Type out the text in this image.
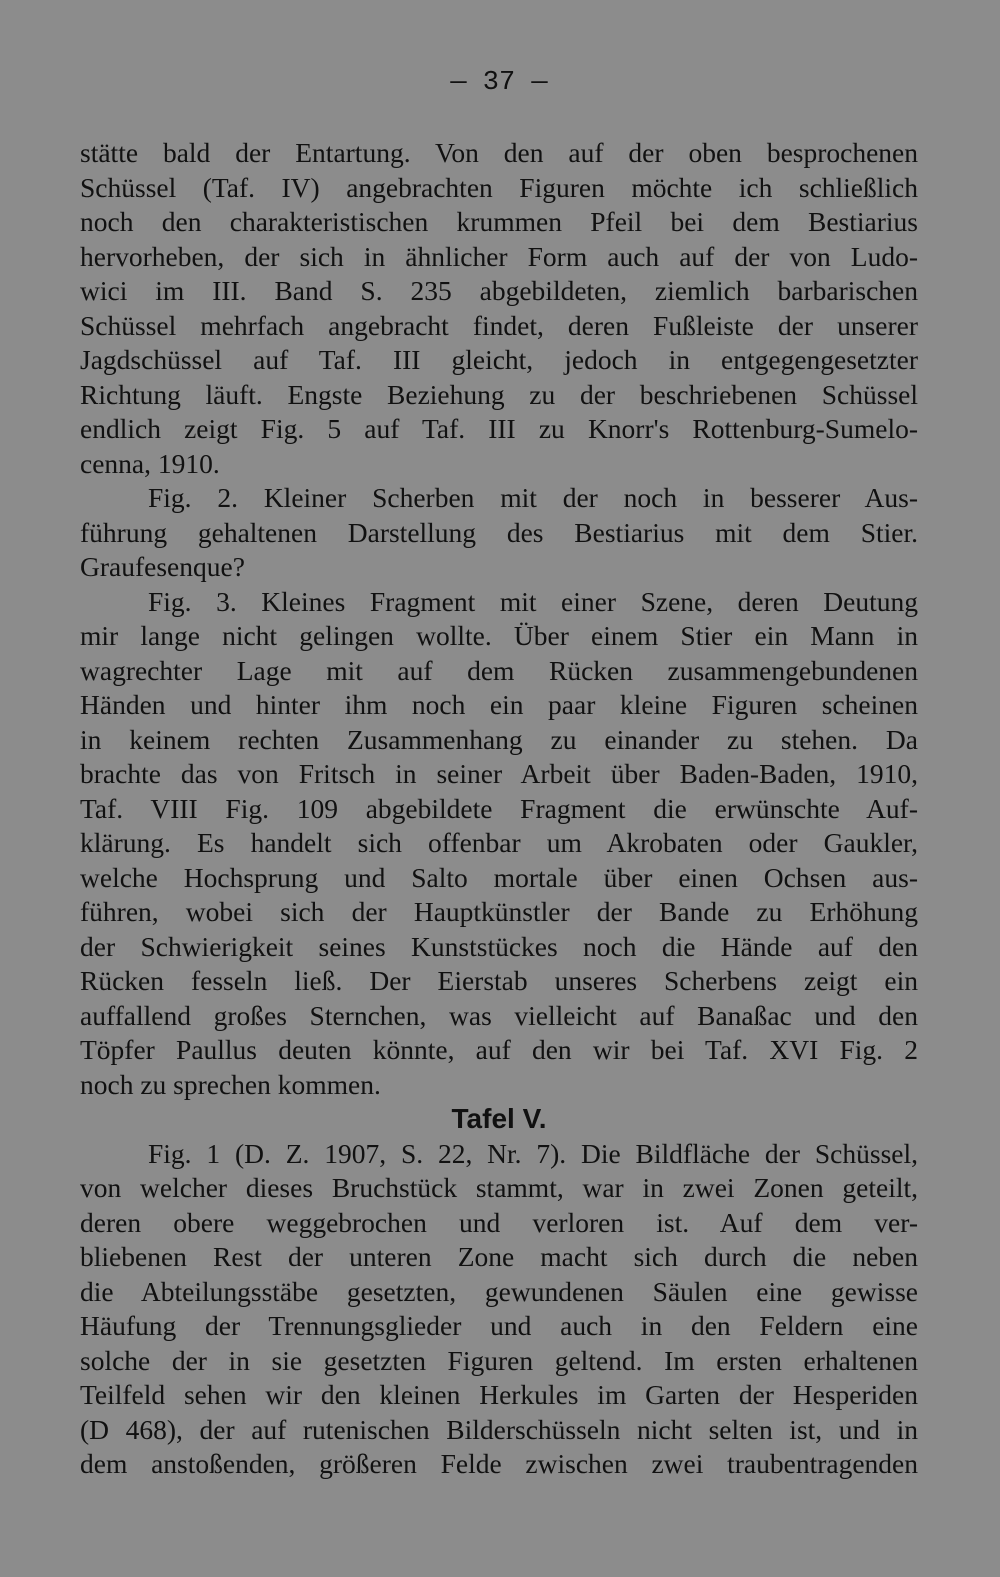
— 37 —
stätte bald der Entartung. Von den auf der oben besprochenen
Schüssel (Taf. IV) angebrachten Figuren möchte ich schließlich
noch den charakteristischen krummen Pfeil bei dem Bestiarius
hervorheben, der sich in ähnlicher Form auch auf der von Ludo-
wici im III. Band S. 235 abgebildeten, ziemlich barbarischen
Schüssel mehrfach angebracht findet, deren Fußleiste der unserer
Jagdschüssel auf Taf. III gleicht, jedoch in entgegengesetzter
Richtung läuft. Engste Beziehung zu der beschriebenen Schüssel
endlich zeigt Fig. 5 auf Taf. III zu Knorr's Rottenburg-Sumelo-
cenna, 1910.
Fig. 2. Kleiner Scherben mit der noch in besserer Aus-
führung gehaltenen Darstellung des Bestiarius mit dem Stier.
Graufesenque?
Fig. 3. Kleines Fragment mit einer Szene, deren Deutung
mir lange nicht gelingen wollte. Über einem Stier ein Mann in
wagrechter Lage mit auf dem Rücken zusammengebundenen
Händen und hinter ihm noch ein paar kleine Figuren scheinen
in keinem rechten Zusammenhang zu einander zu stehen. Da
brachte das von Fritsch in seiner Arbeit über Baden-Baden, 1910,
Taf. VIII Fig. 109 abgebildete Fragment die erwünschte Auf-
klärung. Es handelt sich offenbar um Akrobaten oder Gaukler,
welche Hochsprung und Salto mortale über einen Ochsen aus-
führen, wobei sich der Hauptkünstler der Bande zu Erhöhung
der Schwierigkeit seines Kunststückes noch die Hände auf den
Rücken fesseln ließ. Der Eierstab unseres Scherbens zeigt ein
auffallend großes Sternchen, was vielleicht auf Banaßac und den
Töpfer Paullus deuten könnte, auf den wir bei Taf. XVI Fig. 2
noch zu sprechen kommen.
Tafel V.
Fig. 1 (D. Z. 1907, S. 22, Nr. 7). Die Bildfläche der Schüssel,
von welcher dieses Bruchstück stammt, war in zwei Zonen geteilt,
deren obere weggebrochen und verloren ist. Auf dem ver-
bliebenen Rest der unteren Zone macht sich durch die neben
die Abteilungsstäbe gesetzten, gewundenen Säulen eine gewisse
Häufung der Trennungsglieder und auch in den Feldern eine
solche der in sie gesetzten Figuren geltend. Im ersten erhaltenen
Teilfeld sehen wir den kleinen Herkules im Garten der Hesperiden
(D 468), der auf rutenischen Bilderschüsseln nicht selten ist, und in
dem anstoßenden, größeren Felde zwischen zwei traubentragenden
